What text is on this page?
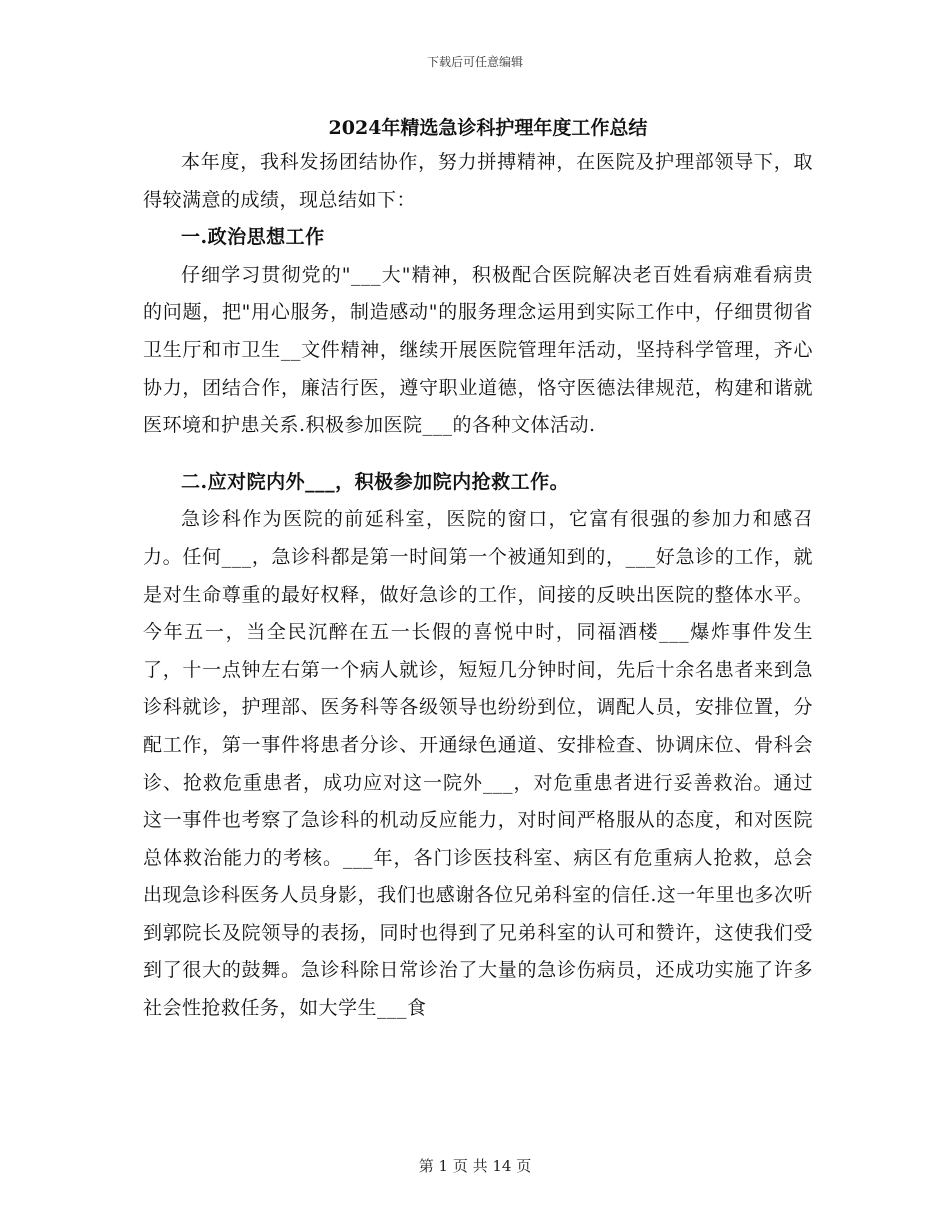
下载后可任意编辑
2024年精选急诊科护理年度工作总结

本年度，我科发扬团结协作，努力拼搏精神，在医院及护理部领导下，取得较满意的成绩，现总结如下：

一.政治思想工作

仔细学习贯彻党的"___大"精神，积极配合医院解决老百姓看病难看病贵的问题，把"用心服务，制造感动"的服务理念运用到实际工作中，仔细贯彻省卫生厅和市卫生__文件精神，继续开展医院管理年活动，坚持科学管理，齐心协力，团结合作，廉洁行医，遵守职业道德，恪守医德法律规范，构建和谐就医环境和护患关系.积极参加医院___的各种文体活动.

二.应对院内外___，积极参加院内抢救工作。

急诊科作为医院的前延科室，医院的窗口，它富有很强的参加力和感召力。任何___，急诊科都是第一时间第一个被通知到的，___好急诊的工作，就是对生命尊重的最好权释，做好急诊的工作，间接的反映出医院的整体水平。今年五一，当全民沉醉在五一长假的喜悦中时，同福酒楼___爆炸事件发生了，十一点钟左右第一个病人就诊，短短几分钟时间，先后十余名患者来到急诊科就诊，护理部、医务科等各级领导也纷纷到位，调配人员，安排位置，分配工作，第一事件将患者分诊、开通绿色通道、安排检查、协调床位、骨科会诊、抢救危重患者，成功应对这一院外___，对危重患者进行妥善救治。通过这一事件也考察了急诊科的机动反应能力，对时间严格服从的态度，和对医院总体救治能力的考核。___年，各门诊医技科室、病区有危重病人抢救，总会出现急诊科医务人员身影，我们也感谢各位兄弟科室的信任.这一年里也多次听到郭院长及院领导的表扬，同时也得到了兄弟科室的认可和赞许，这使我们受到了很大的鼓舞。急诊科除日常诊治了大量的急诊伤病员，还成功实施了许多社会性抢救任务，如大学生___食

第 1 页 共 14 页
